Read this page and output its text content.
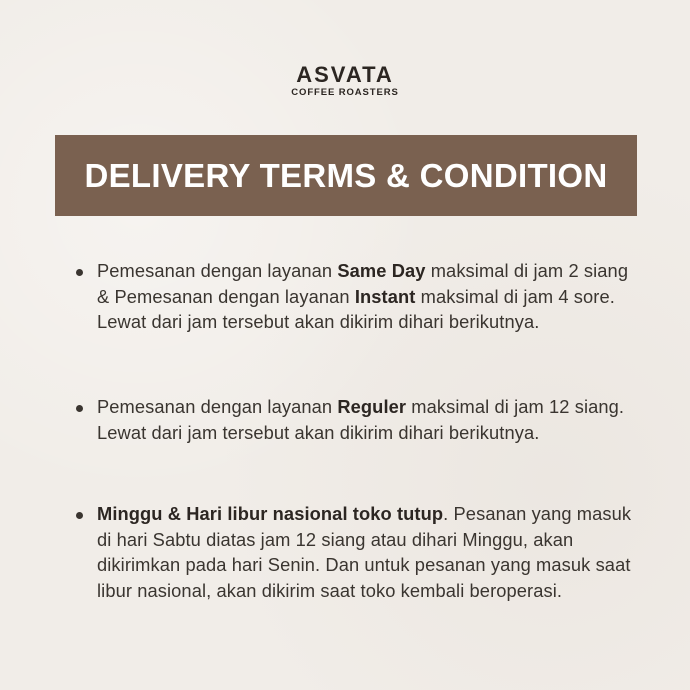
ASVATA
COFFEE ROASTERS
DELIVERY TERMS & CONDITION
Pemesanan dengan layanan Same Day maksimal di jam 2 siang & Pemesanan dengan layanan Instant maksimal di jam 4 sore. Lewat dari jam tersebut akan dikirim dihari berikutnya.
Pemesanan dengan layanan Reguler maksimal di jam 12 siang. Lewat dari jam tersebut akan dikirim dihari berikutnya.
Minggu & Hari libur nasional toko tutup. Pesanan yang masuk di hari Sabtu diatas jam 12 siang atau dihari Minggu, akan dikirimkan pada hari Senin. Dan untuk pesanan yang masuk saat libur nasional, akan dikirim saat toko kembali beroperasi.
